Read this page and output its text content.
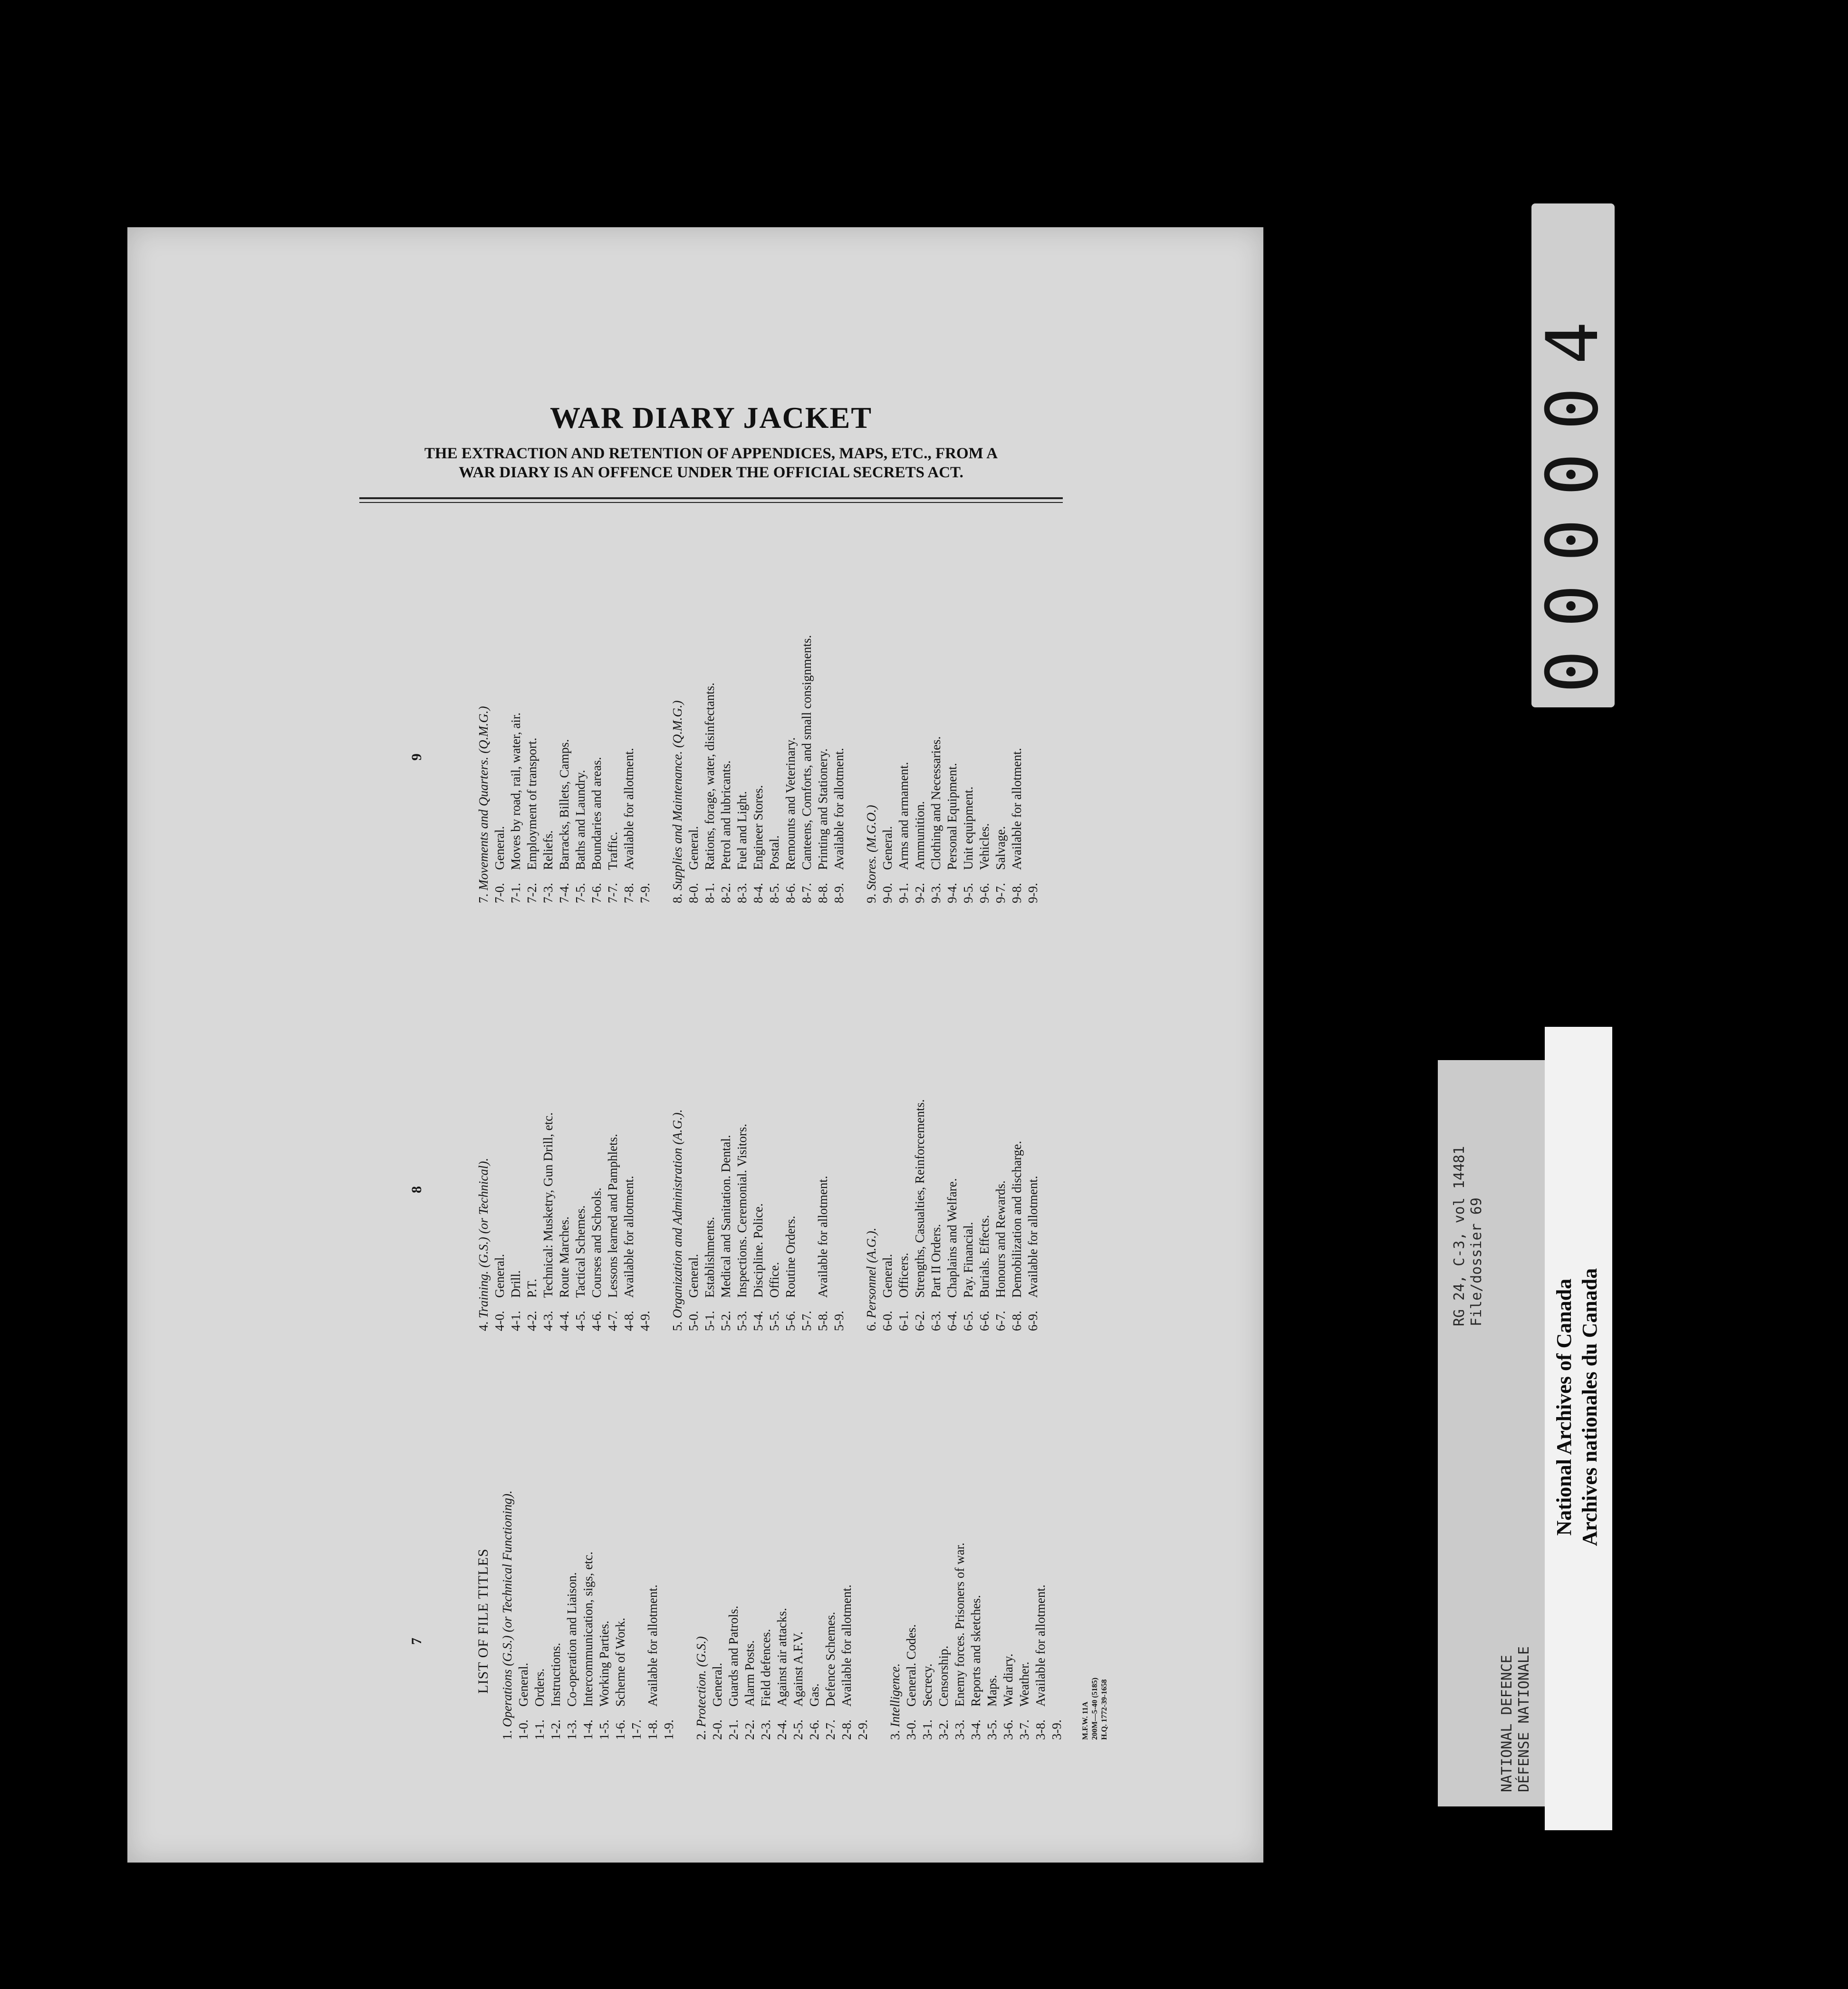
WAR DIARY JACKET
THE EXTRACTION AND RETENTION OF APPENDICES, MAPS, ETC., FROM A
WAR DIARY IS AN OFFENCE UNDER THE OFFICIAL SECRETS ACT.
7
8
9
LIST OF FILE TITLES
1. Operations (G.S.) (or Technical Functioning).
1-0.General.
1-1.Orders.
1-2.Instructions.
1-3.Co-operation and Liaison.
1-4.Intercommunication, sigs, etc.
1-5.Working Parties.
1-6.Scheme of Work.
1-7. 1-8.Available for allotment.
1-9. 2. Protection. (G.S.)
2-0.General.
2-1.Guards and Patrols.
2-2.Alarm Posts.
2-3.Field defences.
2-4.Against air attacks.
2-5.Against A.F.V.
2-6.Gas.
2-7.Defence Schemes.
2-8.Available for allotment.
2-9. 3. Intelligence.
3-0.General. Codes.
3-1.Secrecy.
3-2.Censorship.
3-3.Enemy forces. Prisoners of war.
3-4.Reports and sketches.
3-5.Maps.
3-6.War diary.
3-7.Weather.
3-8.Available for allotment.
3-9. M.F.W. 11A 200M—5-40 (5185) H.Q. 1772-39-1658
4. Training. (G.S.) (or Technical).
4-0.General.
4-1.Drill.
4-2.P.T.
4-3.Technical: Musketry, Gun Drill, etc.
4-4.Route Marches.
4-5.Tactical Schemes.
4-6.Courses and Schools.
4-7.Lessons learned and Pamphlets.
4-8.Available for allotment.
4-9. 5. Organization and Administration (A.G.).
5-0.General.
5-1.Establishments.
5-2.Medical and Sanitation. Dental.
5-3.Inspections. Ceremonial. Visitors.
5-4.Discipline. Police.
5-5.Office.
5-6.Routine Orders.
5-7. 5-8.Available for allotment.
5-9. 6. Personnel (A.G.).
6-0.General.
6-1.Officers.
6-2.Strengths, Casualties, Reinforcements.
6-3.Part II Orders.
6-4.Chaplains and Welfare.
6-5.Pay. Financial.
6-6.Burials. Effects.
6-7.Honours and Rewards.
6-8.Demobilization and discharge.
6-9.Available for allotment.
7. Movements and Quarters. (Q.M.G.)
7-0.General.
7-1.Moves by road, rail, water, air.
7-2.Employment of transport.
7-3.Reliefs.
7-4.Barracks, Billets, Camps.
7-5.Baths and Laundry.
7-6.Boundaries and areas.
7-7.Traffic.
7-8.Available for allotment.
7-9. 8. Supplies and Maintenance. (Q.M.G.)
8-0.General.
8-1.Rations, forage, water, disinfectants.
8-2.Petrol and lubricants.
8-3.Fuel and Light.
8-4.Engineer Stores.
8-5.Postal.
8-6.Remounts and Veterinary.
8-7.Canteens, Comforts, and small consignments.
8-8.Printing and Stationery.
8-9.Available for allotment.
9. Stores. (M.G.O.)
9-0.General.
9-1.Arms and armament.
9-2.Ammunition.
9-3.Clothing and Necessaries.
9-4.Personal Equipment.
9-5.Unit equipment.
9-6.Vehicles.
9-7.Salvage.
9-8.Available for allotment.
9-9.
000004
NATIONAL DEFENCE DÉFENSE NATIONALE
RG 24, C-3, vol 14481 File/dossier 69
National Archives of Canada Archives nationales du Canada
